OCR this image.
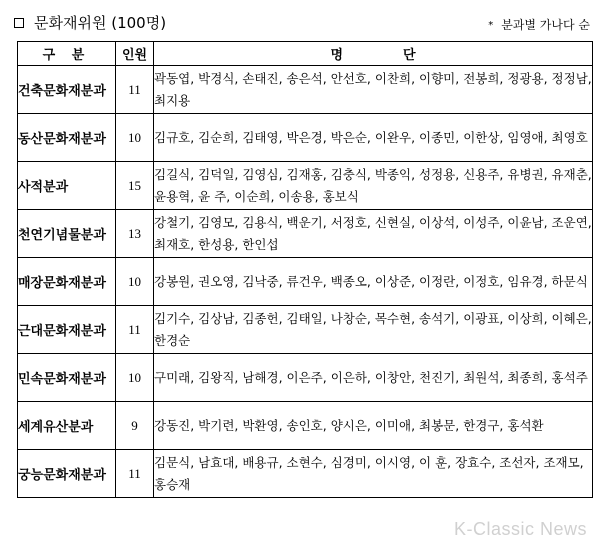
문화재위원 (100명)	* 분과별 가나다 순
구 분	인원	명 단
건축문화재분과	11	곽동엽, 박경식, 손태진, 송은석, 안선호, 이찬희, 이향미, 전봉희, 정광용, 정정남, 최지용
동산문화재분과	10	김규호, 김순희, 김태영, 박은경, 박은순, 이완우, 이종민, 이한상, 임영애, 최영호
사적분과	15	김길식, 김덕일, 김영심, 김재홍, 김충식, 박종익, 성정용, 신용주, 유병권, 유재춘, 윤용혁, 윤 주, 이순희, 이송용, 홍보식
천연기념물분과	13	강철기, 김영모, 김용식, 백운기, 서정호, 신현실, 이상석, 이성주, 이윤남, 조운연, 최재호, 한성용, 한인섭
매장문화재분과	10	강봉원, 권오영, 김낙중, 류건우, 백종오, 이상준, 이정란, 이정호, 임유경, 하문식
근대문화재분과	11	김기수, 김상남, 김종헌, 김태일, 나창순, 목수현, 송석기, 이광표, 이상희, 이혜은, 한경순
민속문화재분과	10	구미래, 김왕직, 남해경, 이은주, 이은하, 이창안, 천진기, 최원석, 최종희, 홍석주
세계유산분과	9	강동진, 박기련, 박환영, 송인호, 양시은, 이미애, 최봉문, 한경구, 홍석환
궁능문화재분과	11	김문식, 남효대, 배용규, 소현수, 심경미, 이시영, 이 훈, 장효수, 조선자, 조재모, 홍승재
K-Classic News
